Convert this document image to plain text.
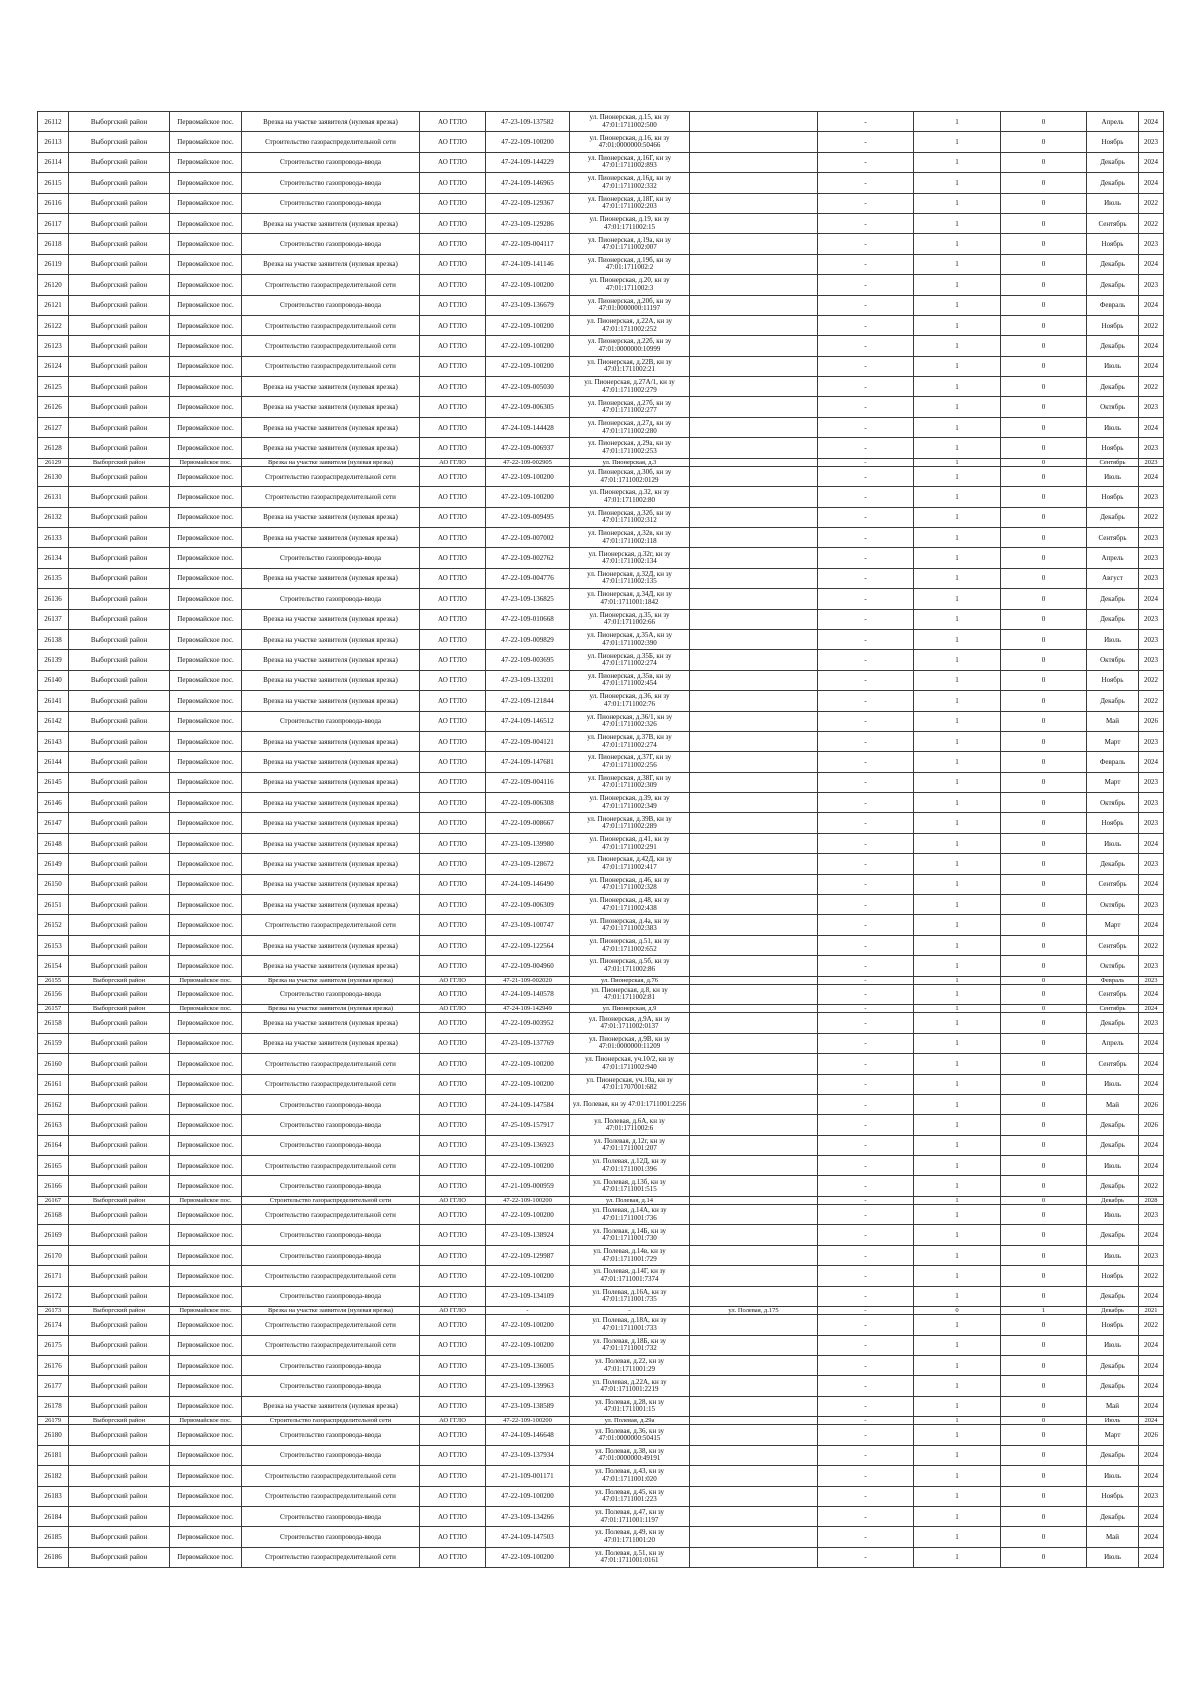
26112	Выборгский район	Первомайское пос.	Врезка на участке заявителя (нулевая врезка)	АО ГГЛО	47-23-109-137582	ул. Пионерская, д.15, кн зу 47:01:1711002:500		-	1	0	Апрель	2024
26113	Выборгский район	Первомайское пос.	Строительство газораспределительной сети	АО ГГЛО	47-22-109-100200	ул. Пионерская, д.16, кн зу 47:01:0000000:50466		-	1	0	Ноябрь	2023
26114	Выборгский район	Первомайское пос.	Строительство газопровода-ввода	АО ГГЛО	47-24-109-144229	ул. Пионерская, д.16Г, кн зу 47:01:1711002:893		-	1	0	Декабрь	2024
26115	Выборгский район	Первомайское пос.	Строительство газопровода-ввода	АО ГГЛО	47-24-109-146965	ул. Пионерская, д.16д, кн зу 47:01:1711002:332		-	1	0	Декабрь	2024
26116	Выборгский район	Первомайское пос.	Строительство газопровода-ввода	АО ГГЛО	47-22-109-129367	ул. Пионерская, д.18Г, кн зу 47:01:1711002:203		-	1	0	Июль	2022
26117	Выборгский район	Первомайское пос.	Врезка на участке заявителя (нулевая врезка)	АО ГГЛО	47-23-109-129286	ул. Пионерская, д.19, кн зу 47:01:1711002:15		-	1	0	Сентябрь	2022
26118	Выборгский район	Первомайское пос.	Строительство газопровода-ввода	АО ГГЛО	47-22-109-004117	ул. Пионерская, д.19а, кн зу 47:01:1711002:007		-	1	0	Ноябрь	2023
26119	Выборгский район	Первомайское пос.	Врезка на участке заявителя (нулевая врезка)	АО ГГЛО	47-24-109-141146	ул. Пионерская, д.19б, кн зу 47:01:1711002:2		-	1	0	Декабрь	2024
26120	Выборгский район	Первомайское пос.	Строительство газораспределительной сети	АО ГГЛО	47-22-109-100200	ул. Пионерская, д.20, кн зу 47:01:1711002:3		-	1	0	Декабрь	2023
26121	Выборгский район	Первомайское пос.	Строительство газопровода-ввода	АО ГГЛО	47-23-109-136679	ул. Пионерская, д.20б, кн зу 47:01:0000000:11197		-	1	0	Февраль	2024
26122	Выборгский район	Первомайское пос.	Строительство газораспределительной сети	АО ГГЛО	47-22-109-100200	ул. Пионерская, д.22А, кн зу 47:01:1711002:252		-	1	0	Ноябрь	2022
26123	Выборгский район	Первомайское пос.	Строительство газораспределительной сети	АО ГГЛО	47-22-109-100200	ул. Пионерская, д.22б, кн зу 47:01:0000000:10999		-	1	0	Декабрь	2024
26124	Выборгский район	Первомайское пос.	Строительство газораспределительной сети	АО ГГЛО	47-22-109-100200	ул. Пионерская, д.22В, кн зу 47:01:1711002:21		-	1	0	Июль	2024
26125	Выборгский район	Первомайское пос.	Врезка на участке заявителя (нулевая врезка)	АО ГГЛО	47-22-109-005030	ул. Пионерская, д.27А/1, кн зу 47:01:1711002:279		-	1	0	Декабрь	2022
26126	Выборгский район	Первомайское пос.	Врезка на участке заявителя (нулевая врезка)	АО ГГЛО	47-22-109-006305	ул. Пионерская, д.27б, кн зу 47:01:1711002:277		-	1	0	Октябрь	2023
26127	Выборгский район	Первомайское пос.	Врезка на участке заявителя (нулевая врезка)	АО ГГЛО	47-24-109-144428	ул. Пионерская, д.27д, кн зу 47:01:1711002:280		-	1	0	Июль	2024
26128	Выборгский район	Первомайское пос.	Врезка на участке заявителя (нулевая врезка)	АО ГГЛО	47-22-109-006937	ул. Пионерская, д.29а, кн зу 47:01:1711002:253		-	1	0	Ноябрь	2023
26129	Выборгский район	Первомайское пос.	Врезка на участке заявителя (нулевая врезка)	АО ГГЛО	47-22-109-002905	ул. Пионерская, д.3		-	1	0	Сентябрь	2023
26130	Выборгский район	Первомайское пос.	Строительство газораспределительной сети	АО ГГЛО	47-22-109-100200	ул. Пионерская, д.30б, кн зу 47:01:1711002:0129		-	1	0	Июль	2024
26131	Выборгский район	Первомайское пос.	Строительство газораспределительной сети	АО ГГЛО	47-22-109-100200	ул. Пионерская, д.32, кн зу 47:01:1711002:80		-	1	0	Ноябрь	2023
26132	Выборгский район	Первомайское пос.	Врезка на участке заявителя (нулевая врезка)	АО ГГЛО	47-22-109-009495	ул. Пионерская, д.32б, кн зу 47:01:1711002:312		-	1	0	Декабрь	2022
26133	Выборгский район	Первомайское пос.	Врезка на участке заявителя (нулевая врезка)	АО ГГЛО	47-22-109-007002	ул. Пионерская, д.32в, кн зу 47:01:1711002:118		-	1	0	Сентябрь	2023
26134	Выборгский район	Первомайское пос.	Строительство газопровода-ввода	АО ГГЛО	47-22-109-002762	ул. Пионерская, д.32г, кн зу 47:01:1711002:134		-	1	0	Апрель	2023
26135	Выборгский район	Первомайское пос.	Врезка на участке заявителя (нулевая врезка)	АО ГГЛО	47-22-109-004776	ул. Пионерская, д.32Д, кн зу 47:01:1711002:135		-	1	0	Август	2023
26136	Выборгский район	Первомайское пос.	Строительство газопровода-ввода	АО ГГЛО	47-23-109-136825	ул. Пионерская, д.34Д, кн зу 47:01:1711001:1842		-	1	0	Декабрь	2024
26137	Выборгский район	Первомайское пос.	Врезка на участке заявителя (нулевая врезка)	АО ГГЛО	47-22-109-010668	ул. Пионерская, д.35, кн зу 47:01:1711002:66		-	1	0	Декабрь	2023
26138	Выборгский район	Первомайское пос.	Врезка на участке заявителя (нулевая врезка)	АО ГГЛО	47-22-109-009829	ул. Пионерская, д.35А, кн зу 47:01:1711002:390		-	1	0	Июль	2023
26139	Выборгский район	Первомайское пос.	Врезка на участке заявителя (нулевая врезка)	АО ГГЛО	47-22-109-003695	ул. Пионерская, д.35Б, кн зу 47:01:1711002:274		-	1	0	Октябрь	2023
26140	Выборгский район	Первомайское пос.	Врезка на участке заявителя (нулевая врезка)	АО ГГЛО	47-23-109-133201	ул. Пионерская, д.35в, кн зу 47:01:1711002:454		-	1	0	Ноябрь	2022
26141	Выборгский район	Первомайское пос.	Врезка на участке заявителя (нулевая врезка)	АО ГГЛО	47-22-109-121844	ул. Пионерская, д.36, кн зу 47:01:1711002:76		-	1	0	Декабрь	2022
26142	Выборгский район	Первомайское пос.	Строительство газопровода-ввода	АО ГГЛО	47-24-109-146512	ул. Пионерская, д.36/1, кн зу 47:01:1711002:326		-	1	0	Май	2026
26143	Выборгский район	Первомайское пос.	Врезка на участке заявителя (нулевая врезка)	АО ГГЛО	47-22-109-004121	ул. Пионерская, д.37В, кн зу 47:01:1711002:274		-	1	0	Март	2023
26144	Выборгский район	Первомайское пос.	Врезка на участке заявителя (нулевая врезка)	АО ГГЛО	47-24-109-147681	ул. Пионерская, д.37Г, кн зу 47:01:1711002:256		-	1	0	Февраль	2024
26145	Выборгский район	Первомайское пос.	Врезка на участке заявителя (нулевая врезка)	АО ГГЛО	47-22-109-004116	ул. Пионерская, д.38Г, кн зу 47:01:1711002:309		-	1	0	Март	2023
26146	Выборгский район	Первомайское пос.	Врезка на участке заявителя (нулевая врезка)	АО ГГЛО	47-22-109-006308	ул. Пионерская, д.39, кн зу 47:01:1711002:349		-	1	0	Октябрь	2023
26147	Выборгский район	Первомайское пос.	Врезка на участке заявителя (нулевая врезка)	АО ГГЛО	47-22-109-008667	ул. Пионерская, д.39В, кн зу 47:01:1711002:289		-	1	0	Ноябрь	2023
26148	Выборгский район	Первомайское пос.	Врезка на участке заявителя (нулевая врезка)	АО ГГЛО	47-23-109-139980	ул. Пионерская, д.41, кн зу 47:01:1711002:291		-	1	0	Июль	2024
26149	Выборгский район	Первомайское пос.	Врезка на участке заявителя (нулевая врезка)	АО ГГЛО	47-23-109-128672	ул. Пионерская, д.42Д, кн зу 47:01:1711002:417		-	1	0	Декабрь	2023
26150	Выборгский район	Первомайское пос.	Врезка на участке заявителя (нулевая врезка)	АО ГГЛО	47-24-109-146490	ул. Пионерская, д.46, кн зу 47:01:1711002:328		-	1	0	Сентябрь	2024
26151	Выборгский район	Первомайское пос.	Врезка на участке заявителя (нулевая врезка)	АО ГГЛО	47-22-109-006309	ул. Пионерская, д.48, кн зу 47:01:1711002:438		-	1	0	Октябрь	2023
26152	Выборгский район	Первомайское пос.	Строительство газораспределительной сети	АО ГГЛО	47-23-109-100747	ул. Пионерская, д.4а, кн зу 47:01:1711002:383		-	1	0	Март	2024
26153	Выборгский район	Первомайское пос.	Врезка на участке заявителя (нулевая врезка)	АО ГГЛО	47-22-109-122564	ул. Пионерская, д.51, кн зу 47:01:1711002:652		-	1	0	Сентябрь	2022
26154	Выборгский район	Первомайское пос.	Врезка на участке заявителя (нулевая врезка)	АО ГГЛО	47-22-109-004960	ул. Пионерская, д.5б, кн зу 47:01:1711002:86		-	1	0	Октябрь	2023
26155	Выборгский район	Первомайское пос.	Врезка на участке заявителя (нулевая врезка)	АО ГГЛО	47-21-109-002020	ул. Пионерская, д.76		-	1	0	Февраль	2023
26156	Выборгский район	Первомайское пос.	Строительство газопровода-ввода	АО ГГЛО	47-24-109-140578	ул. Пионерская, д.8, кн зу 47:01:1711002:81		-	1	0	Сентябрь	2024
26157	Выборгский район	Первомайское пос.	Врезка на участке заявителя (нулевая врезка)	АО ГГЛО	47-24-109-142949	ул. Пионерская, д.9		-	1	0	Сентябрь	2024
26158	Выборгский район	Первомайское пос.	Врезка на участке заявителя (нулевая врезка)	АО ГГЛО	47-22-109-003952	ул. Пионерская, д.9А, кн зу 47:01:1711002:0137		-	1	0	Декабрь	2023
26159	Выборгский район	Первомайское пос.	Врезка на участке заявителя (нулевая врезка)	АО ГГЛО	47-23-109-137769	ул. Пионерская, д.9В, кн зу 47:01:0000000:11209		-	1	0	Апрель	2024
26160	Выборгский район	Первомайское пос.	Строительство газораспределительной сети	АО ГГЛО	47-22-109-100200	ул. Пионерская, уч.10/2, кн зу 47:01:1711002:940		-	1	0	Сентябрь	2024
26161	Выборгский район	Первомайское пос.	Строительство газораспределительной сети	АО ГГЛО	47-22-109-100200	ул. Пионерская, уч.10а, кн зу 47:01:1707001:682		-	1	0	Июль	2024
26162	Выборгский район	Первомайское пос.	Строительство газопровода-ввода	АО ГГЛО	47-24-109-147584	ул. Полевая, кн зу 47:01:1711001:2256		-	1	0	Май	2026
26163	Выборгский район	Первомайское пос.	Строительство газопровода-ввода	АО ГГЛО	47-25-109-157917	ул. Полевая, д.6А, кн зу 47:01:1711002:6		-	1	0	Декабрь	2026
26164	Выборгский район	Первомайское пос.	Строительство газопровода-ввода	АО ГГЛО	47-23-109-136923	ул. Полевая, д.12г, кн зу 47:01:1711001:207		-	1	0	Декабрь	2024
26165	Выборгский район	Первомайское пос.	Строительство газораспределительной сети	АО ГГЛО	47-22-109-100200	ул. Полевая, д.12Д, кн зу 47:01:1711001:396		-	1	0	Июль	2024
26166	Выборгский район	Первомайское пос.	Строительство газопровода-ввода	АО ГГЛО	47-21-109-000959	ул. Полевая, д.13б, кн зу 47:01:1711001:515		-	1	0	Декабрь	2022
26167	Выборгский район	Первомайское пос.	Строительство газораспределительной сети	АО ГГЛО	47-22-109-100200	ул. Полевая, д.14		-	1	0	Декабрь	2028
26168	Выборгский район	Первомайское пос.	Строительство газораспределительной сети	АО ГГЛО	47-22-109-100200	ул. Полевая, д.14А, кн зу 47:01:1711001:736		-	1	0	Июль	2023
26169	Выборгский район	Первомайское пос.	Строительство газопровода-ввода	АО ГГЛО	47-23-109-138924	ул. Полевая, д.14Б, кн зу 47:01:1711001:730		-	1	0	Декабрь	2024
26170	Выборгский район	Первомайское пос.	Строительство газопровода-ввода	АО ГГЛО	47-22-109-129987	ул. Полевая, д.14в, кн зу 47:01:1711001:729		-	1	0	Июль	2023
26171	Выборгский район	Первомайское пос.	Строительство газораспределительной сети	АО ГГЛО	47-22-109-100200	ул. Полевая, д.14Г, кн зу 47:01:1711001:7374		-	1	0	Ноябрь	2022
26172	Выборгский район	Первомайское пос.	Строительство газопровода-ввода	АО ГГЛО	47-23-109-134109	ул. Полевая, д.16А, кн зу 47:01:1711001:735		-	1	0	Декабрь	2024
26173	Выборгский район	Первомайское пос.	Врезка на участке заявителя (нулевая врезка)	АО ГГЛО	-	-	ул. Полевая, д.175	-	0	1	Декабрь	2021
26174	Выборгский район	Первомайское пос.	Строительство газораспределительной сети	АО ГГЛО	47-22-109-100200	ул. Полевая, д.18А, кн зу 47:01:1711001:733		-	1	0	Ноябрь	2022
26175	Выборгский район	Первомайское пос.	Строительство газораспределительной сети	АО ГГЛО	47-22-109-100200	ул. Полевая, д.18Б, кн зу 47:01:1711001:732		-	1	0	Июль	2024
26176	Выборгский район	Первомайское пос.	Строительство газопровода-ввода	АО ГГЛО	47-23-109-136005	ул. Полевая, д.22, кн зу 47:01:1711001:29		-	1	0	Декабрь	2024
26177	Выборгский район	Первомайское пос.	Строительство газопровода-ввода	АО ГГЛО	47-23-109-139963	ул. Полевая, д.22А, кн зу 47:01:1711001:2219		-	1	0	Декабрь	2024
26178	Выборгский район	Первомайское пос.	Врезка на участке заявителя (нулевая врезка)	АО ГГЛО	47-23-109-138589	ул. Полевая, д.28, кн зу 47:01:1711001:15		-	1	0	Май	2024
26179	Выборгский район	Первомайское пос.	Строительство газораспределительной сети	АО ГГЛО	47-22-109-100200	ул. Полевая, д.29а		-	1	0	Июль	2024
26180	Выборгский район	Первомайское пос.	Строительство газопровода-ввода	АО ГГЛО	47-24-109-146648	ул. Полевая, д.36, кн зу 47:01:0000000:50415		-	1	0	Март	2026
26181	Выборгский район	Первомайское пос.	Строительство газопровода-ввода	АО ГГЛО	47-23-109-137934	ул. Полевая, д.38, кн зу 47:01:0000000:49191		-	1	0	Декабрь	2024
26182	Выборгский район	Первомайское пос.	Строительство газораспределительной сети	АО ГГЛО	47-21-109-001171	ул. Полевая, д.43, кн зу 47:01:1711001:020		-	1	0	Июль	2024
26183	Выборгский район	Первомайское пос.	Строительство газораспределительной сети	АО ГГЛО	47-22-109-100200	ул. Полевая, д.45, кн зу 47:01:1711001:223		-	1	0	Ноябрь	2023
26184	Выборгский район	Первомайское пос.	Строительство газопровода-ввода	АО ГГЛО	47-23-109-134266	ул. Полевая, д.47, кн зу 47:01:1711001:1197		-	1	0	Декабрь	2024
26185	Выборгский район	Первомайское пос.	Строительство газопровода-ввода	АО ГГЛО	47-24-109-147503	ул. Полевая, д.49, кн зу 47:01:1711001:20		-	1	0	Май	2024
26186	Выборгский район	Первомайское пос.	Строительство газораспределительной сети	АО ГГЛО	47-22-109-100200	ул. Полевая, д.51, кн зу 47:01:1711001:0161		-	1	0	Июль	2024
